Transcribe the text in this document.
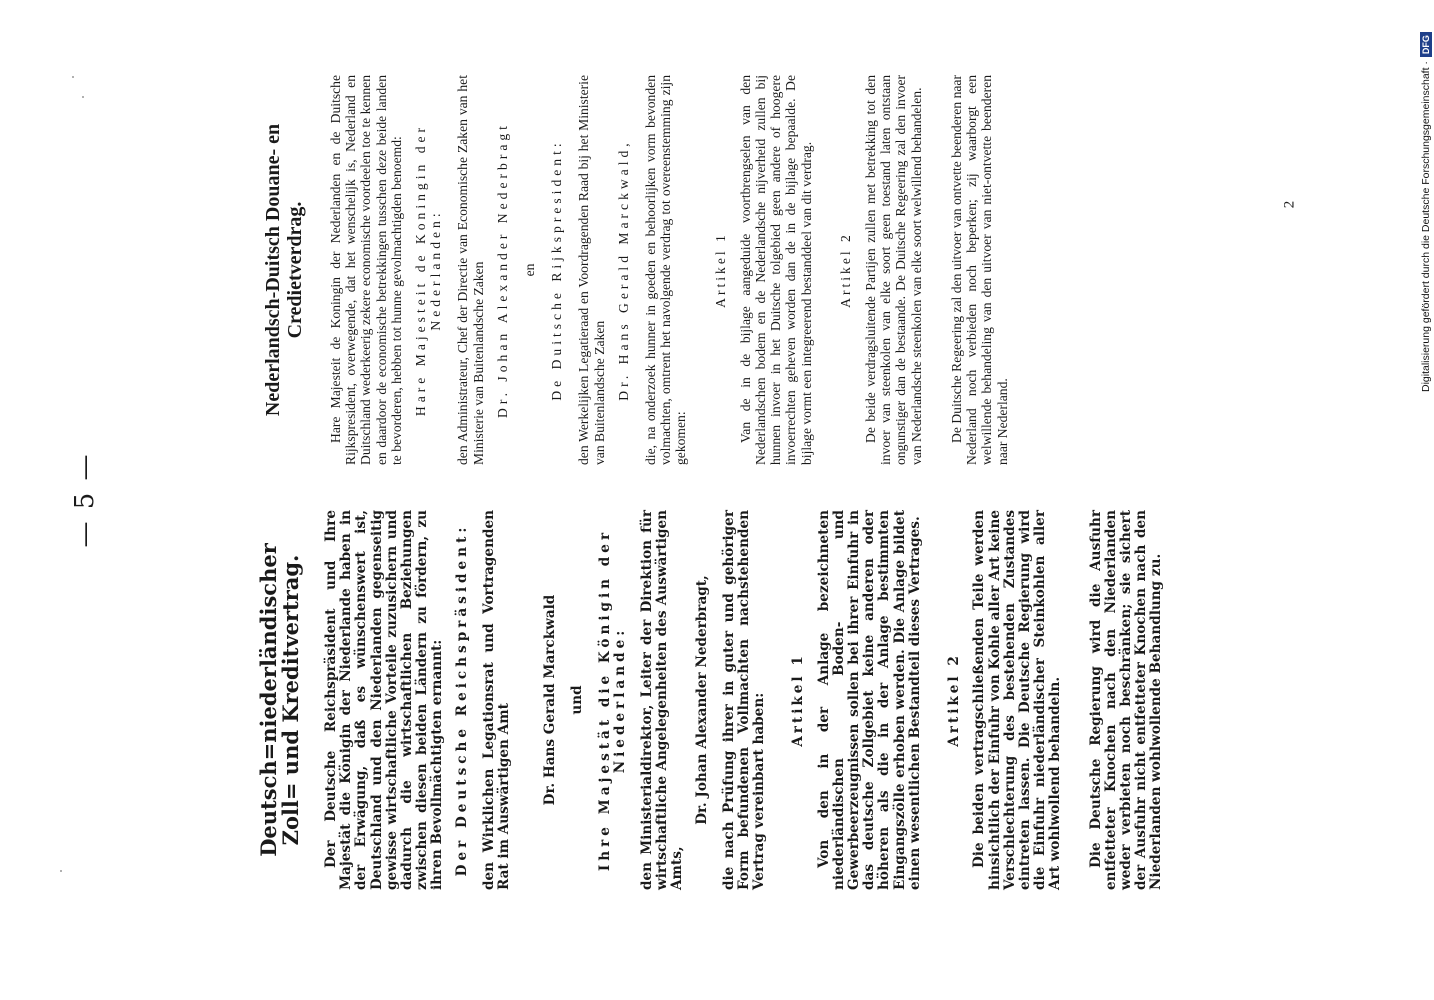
— 5 —
Deutsch=niederländischer Zoll= und Kreditvertrag. Der Deutsche Reichspräsident und Ihre Majestät die Königin der Niederlande haben in der Erwägung, daß es wünschenswert ist, Deutschland und den Niederlanden gegenseitig gewisse wirtschaftliche Vorteile zuzusichern und dadurch die wirtschaftlichen Beziehungen zwischen diesen beiden Ländern zu fördern, zu ihren Bevollmächtigten ernannt: Der Deutsche Reichspräsident: den Wirklichen Legationsrat und Vortragenden Rat im Auswärtigen Amt Dr. Hans Gerald Marckwald und Ihre Majestät die Königin der Niederlande: den Ministerialdirektor, Leiter der Direktion für wirtschaftliche Angelegenheiten des Auswärtigen Amts,

Dr. Johan Alexander Nederbragt, die nach Prüfung ihrer in guter und gehöriger Form befundenen Vollmachten nachstehenden Vertrag vereinbart haben: Artikel 1 Von den in der Anlage bezeichneten niederländischen Boden- und Gewerbeerzeugnissen sollen bei ihrer Einfuhr in das deutsche Zollgebiet keine anderen oder höheren als die in der Anlage bestimmten Eingangszölle erhoben werden. Die Anlage bildet einen wesentlichen Bestandteil dieses Vertrages. Artikel 2 Die beiden vertragschließenden Teile werden hinsichtlich der Einfuhr von Kohle aller Art keine Verschlechterung des bestehenden Zustandes eintreten lassen. Die Deutsche Regierung wird die Einfuhr niederländischer Steinkohlen aller Art wohlwollend behandeln. Die Deutsche Regierung wird die Ausfuhr entfetteter Knochen nach den Niederlanden weder verbieten noch beschränken; sie sichert der Ausfuhr nicht entfetteter Knochen nach den Niederlanden wohlwollende Behandlung zu.

Nederlandsch-Duitsch Douane- en Credietverdrag. Hare Majesteit de Koningin der Nederlanden en de Duitsche Rijkspresident, overwegende, dat het wenschelijk is, Nederland en Duitschland wederkeerig zekere economische voordeelen toe te kennen en daardoor de economische betrekkingen tusschen deze beide landen te bevorderen, hebben tot hunne gevolmachtigden benoemd: Hare Majesteit de Koningin der Nederlanden: den Administrateur, Chef der Directie van Economische Zaken van het Ministerie van Buitenlandsche Zaken Dr. Johan Alexander Nederbragt en De Duitsche Rijkspresident: den Werkelijken Legatieraad en Voordragenden Raad bij het Ministerie van Buitenlandsche Zaken Dr. Hans Gerald Marckwald, die, na onderzoek hunner in goeden en behoorlijken vorm bevonden volmachten, omtrent het navolgende verdrag tot overeenstemming zijn gekomen:

Artikel 1 Van de in de bijlage aangeduide voortbrengselen van den Nederlandschen bodem en de Nederlandsche nijverheid zullen bij hunnen invoer in het Duitsche tolgebied geen andere of hoogere invoerrechten geheven worden dan de in de bijlage bepaalde. De bijlage vormt een integreerend bestanddeel van dit verdrag. Artikel 2 De beide verdragsluitende Partijen zullen met betrekking tot den invoer van steenkolen van elke soort geen toestand laten ontstaan ongunstiger dan de bestaande. De Duitsche Regeering zal den invoer van Nederlandsche steenkolen van elke soort welwillend behandelen. De Duitsche Regeering zal den uitvoer van ontvette beenderen naar Nederland noch verbieden noch beperken; zij waarborgt een welwillende behandeling van den uitvoer van niet-ontvette beenderen naar Nederland.

2	Digitalisierung gefördert durch die Deutsche Forschungsgemeinschaft ·DFG
